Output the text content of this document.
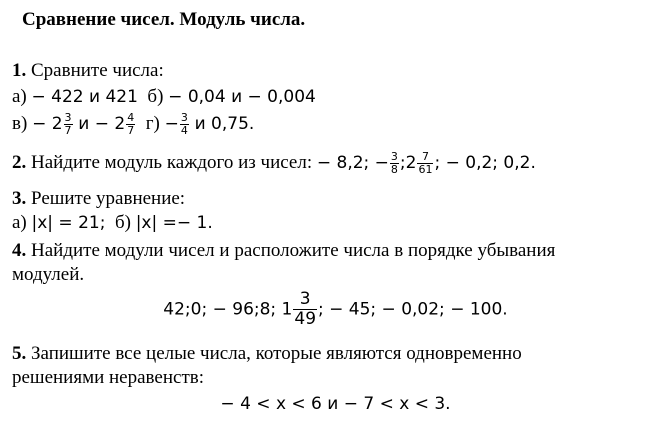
Сравнение чисел. Модуль числа.
1. Сравните числа:
а) − 422 и 421 б) − 0,04 и − 0,004
$в) - 2 \frac{3}{7}$ $и - 2 \frac{4}{7} г) - \frac{3}{4}$ и 0,75.
2. Найдите модуль каждого из чисел: − 8,2; − $\frac{3}{8}$ ;2 $\frac{7}{61}$ ; − 0,2; 0,2.
3. Решите уравнение:
а) |x| = 21; б) |x| =− 1.
4. Найдите модули чисел и расположите числа в порядке убывания
модулей.
42;0; − 96;8; $1 \frac{3}{49}$ ; − 45; − 0,02; − 100.
5. Запишите все целые числа, которые являются одновременно
решениями неравенств:
− 4 < x < 6 и − 7 < x < 3.
